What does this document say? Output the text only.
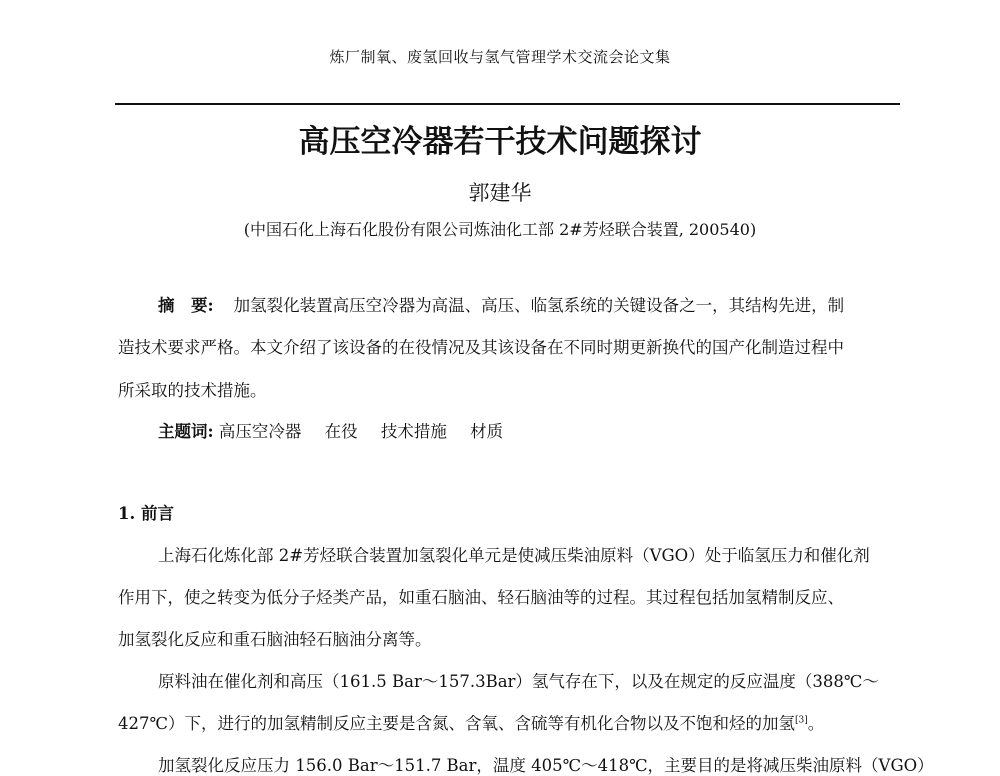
炼厂制氧、废氢回收与氢气管理学术交流会论文集
高压空冷器若干技术问题探讨
郭建华
(中国石化上海石化股份有限公司炼油化工部 2#芳烃联合装置, 200540)
摘　要: 加氢裂化装置高压空冷器为高温、高压、临氢系统的关键设备之一，其结构先进，制
造技术要求严格。本文介绍了该设备的在役情况及其该设备在不同时期更新换代的国产化制造过程中
所采取的技术措施。
主题词: 高压空冷器 在役 技术措施 材质
1. 前言
上海石化炼化部 2#芳烃联合装置加氢裂化单元是使减压柴油原料（VGO）处于临氢压力和催化剂
作用下，使之转变为低分子烃类产品，如重石脑油、轻石脑油等的过程。其过程包括加氢精制反应、
加氢裂化反应和重石脑油轻石脑油分离等。
原料油在催化剂和高压（161.5 Bar～157.3Bar）氢气存在下，以及在规定的反应温度（388℃～
427℃）下，进行的加氢精制反应主要是含氮、含氧、含硫等有机化合物以及不饱和烃的加氢[3]。
加氢裂化反应压力 156.0 Bar～151.7 Bar，温度 405℃～418℃，主要目的是将减压柴油原料（VGO）
